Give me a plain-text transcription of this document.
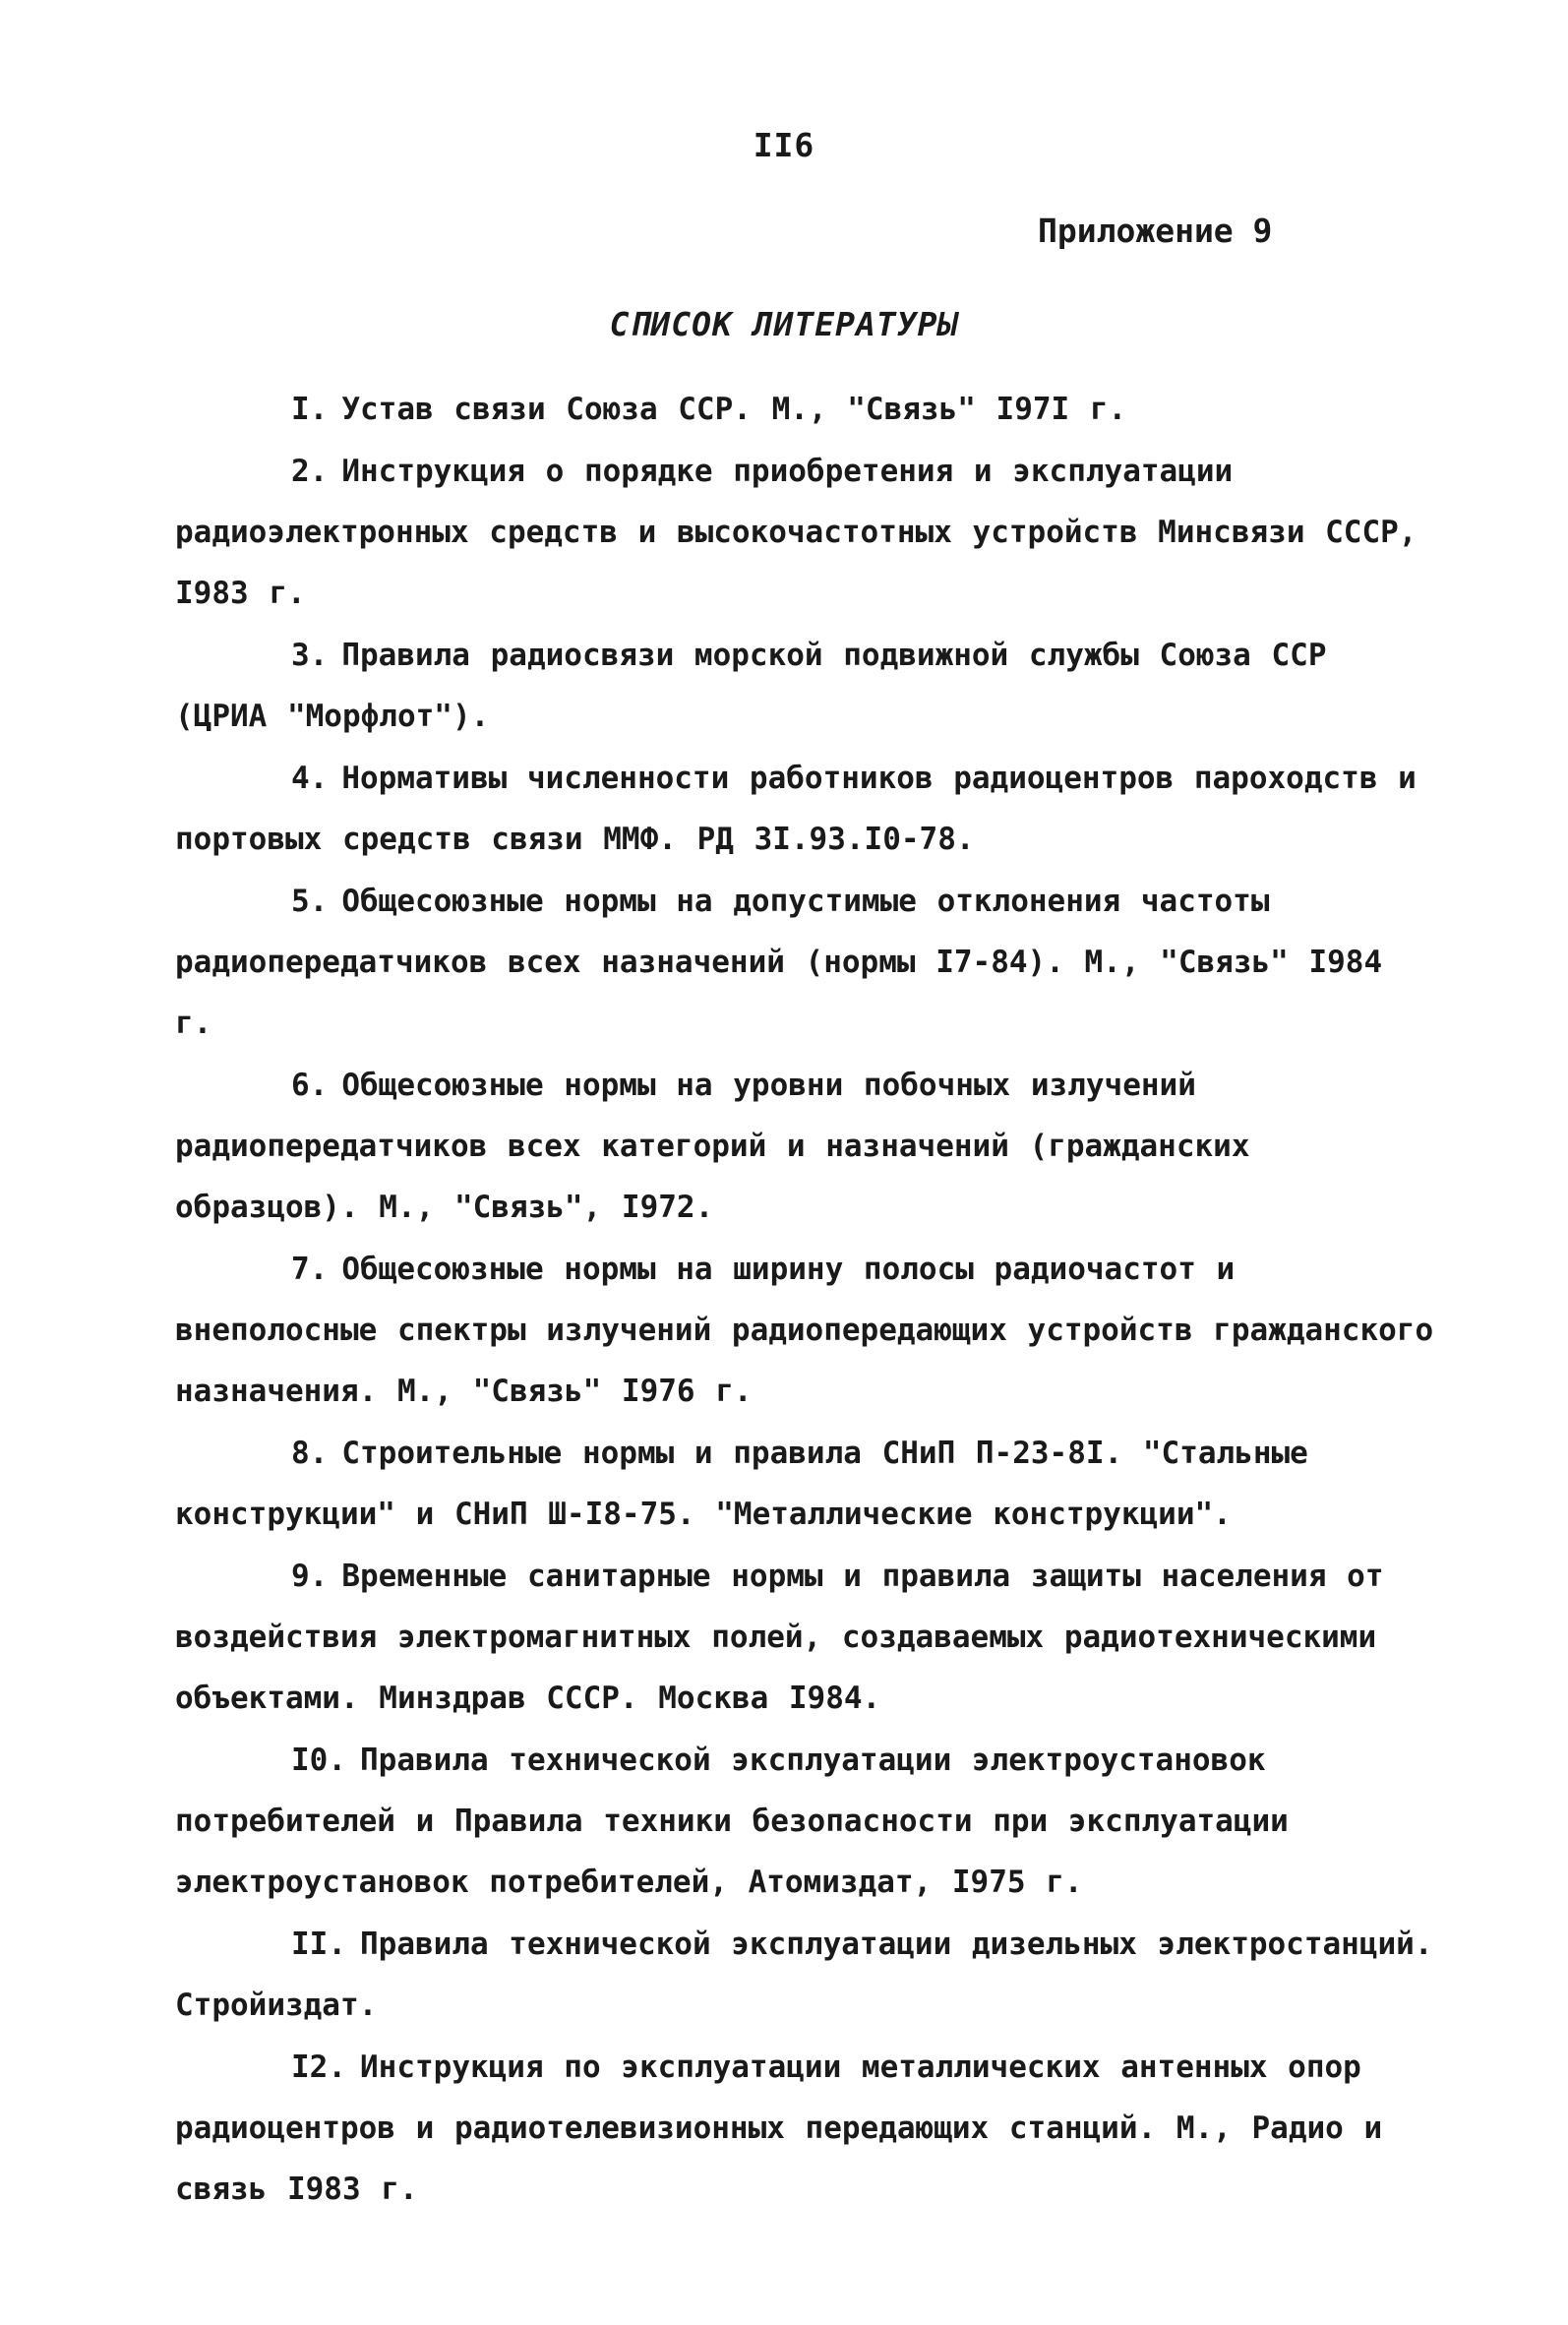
II6
Приложение 9
СПИСОК ЛИТЕРАТУРЫ
I. Устав связи Союза ССР. М., "Связь" I97I г.
2. Инструкция о порядке приобретения и эксплуатации радиоэлектронных средств и высокочастотных устройств Минсвязи СССР, I983 г.
3. Правила радиосвязи морской подвижной службы Союза ССР (ЦРИА "Морфлот").
4. Нормативы численности работников радиоцентров пароходств и портовых средств связи ММФ. РД 3I.93.I0-78.
5. Общесоюзные нормы на допустимые отклонения частоты радиопередатчиков всех назначений (нормы I7-84). М., "Связь" I984 г.
6. Общесоюзные нормы на уровни побочных излучений радиопередатчиков всех категорий и назначений (гражданских образцов). М., "Связь", I972.
7. Общесоюзные нормы на ширину полосы радиочастот и внеполосные спектры излучений радиопередающих устройств гражданского назначения. М., "Связь" I976 г.
8. Строительные нормы и правила СНиП П-23-8I. "Стальные конструкции" и СНиП Ш-I8-75. "Металлические конструкции".
9. Временные санитарные нормы и правила защиты населения от воздействия электромагнитных полей, создаваемых радиотехническими объектами. Минздрав СССР. Москва I984.
I0. Правила технической эксплуатации электроустановок потребителей и Правила техники безопасности при эксплуатации электроустановок потребителей, Атомиздат, I975 г.
II. Правила технической эксплуатации дизельных электростанций. Стройиздат.
I2. Инструкция по эксплуатации металлических антенных опор радиоцентров и радиотелевизионных передающих станций. М., Радио и связь I983 г.
